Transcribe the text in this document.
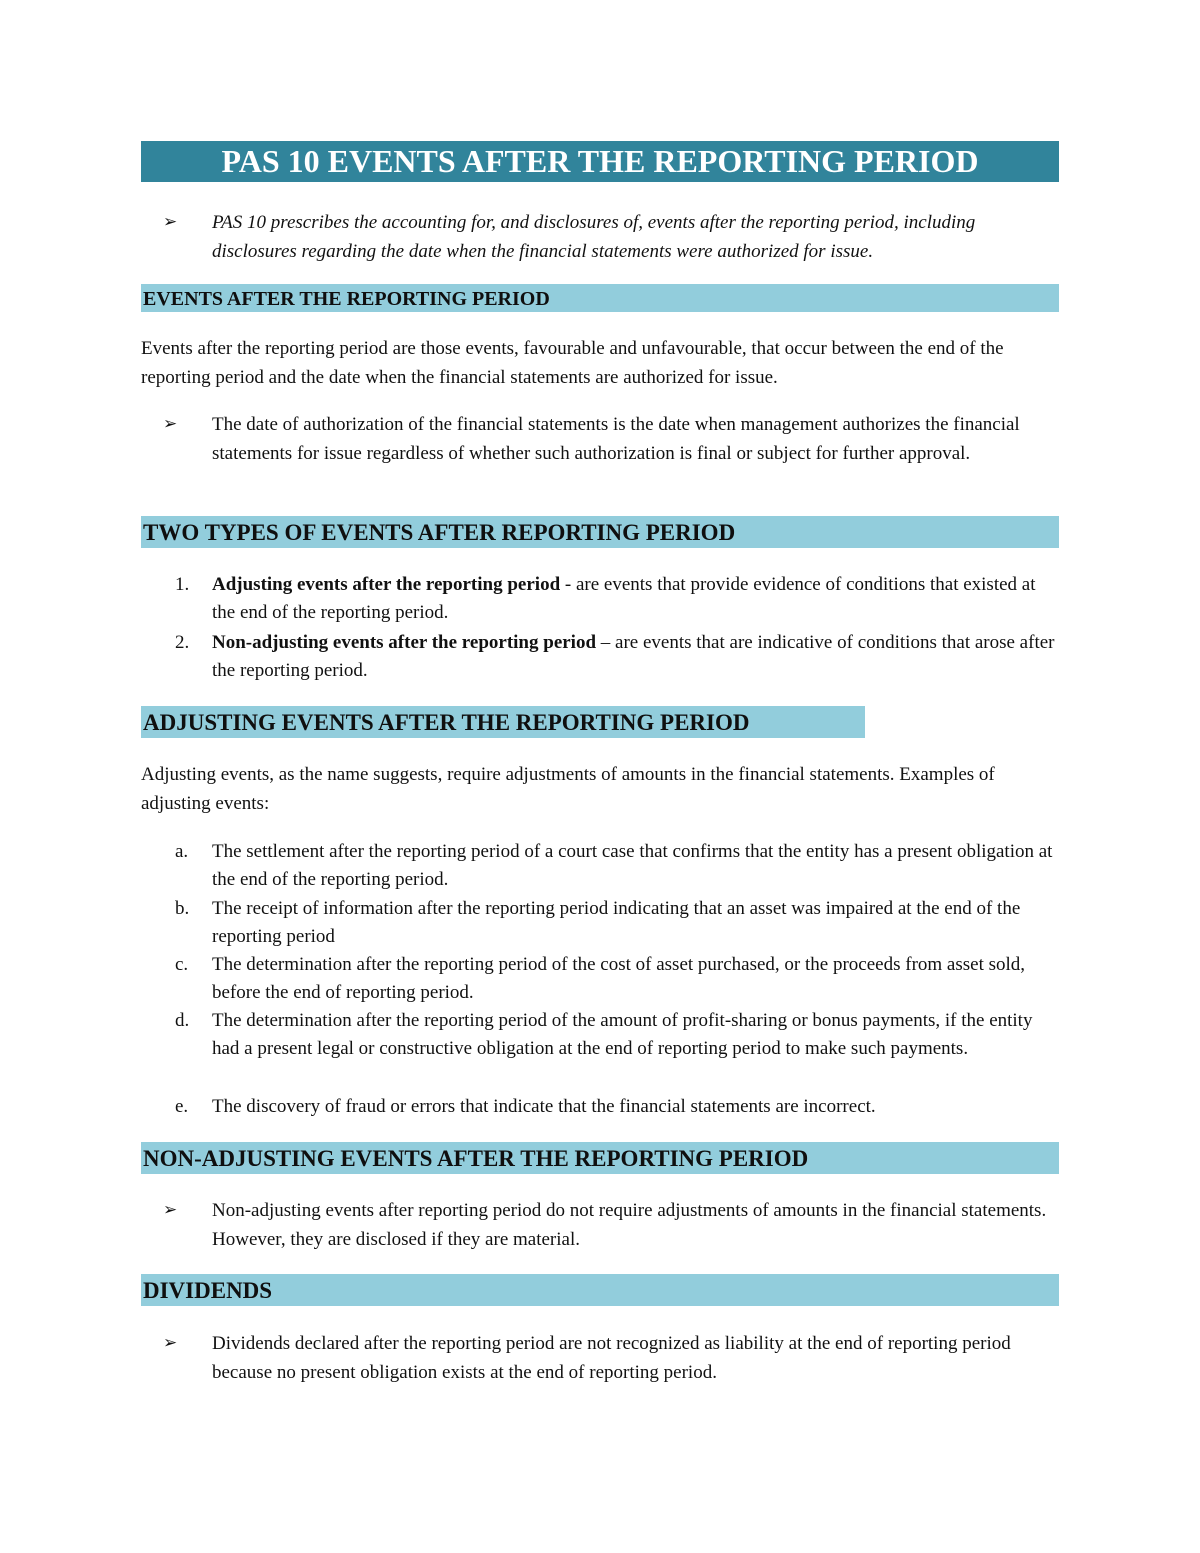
PAS 10 EVENTS AFTER THE REPORTING PERIOD
➢	PAS 10 prescribes the accounting for, and disclosures of, events after the reporting period, including disclosures regarding the date when the financial statements were authorized for issue.
EVENTS AFTER THE REPORTING PERIOD
Events after the reporting period are those events, favourable and unfavourable, that occur between the end of the reporting period and the date when the financial statements are authorized for issue.
➢	The date of authorization of the financial statements is the date when management authorizes the financial statements for issue regardless of whether such authorization is final or subject for further approval.
TWO TYPES OF EVENTS AFTER REPORTING PERIOD
1.	Adjusting events after the reporting period - are events that provide evidence of conditions that existed at the end of the reporting period.
2.	Non-adjusting events after the reporting period – are events that are indicative of conditions that arose after the reporting period.
ADJUSTING EVENTS AFTER THE REPORTING PERIOD
Adjusting events, as the name suggests, require adjustments of amounts in the financial statements. Examples of adjusting events:
a.	The settlement after the reporting period of a court case that confirms that the entity has a present obligation at the end of the reporting period.
b.	The receipt of information after the reporting period indicating that an asset was impaired at the end of the reporting period
c.	The determination after the reporting period of the cost of asset purchased, or the proceeds from asset sold, before the end of reporting period.
d.	The determination after the reporting period of the amount of profit-sharing or bonus payments, if the entity had a present legal or constructive obligation at the end of reporting period to make such payments.
e.	The discovery of fraud or errors that indicate that the financial statements are incorrect.
NON-ADJUSTING EVENTS AFTER THE REPORTING PERIOD
➢	Non-adjusting events after reporting period do not require adjustments of amounts in the financial statements. However, they are disclosed if they are material.
DIVIDENDS
➢	Dividends declared after the reporting period are not recognized as liability at the end of reporting period because no present obligation exists at the end of reporting period.
